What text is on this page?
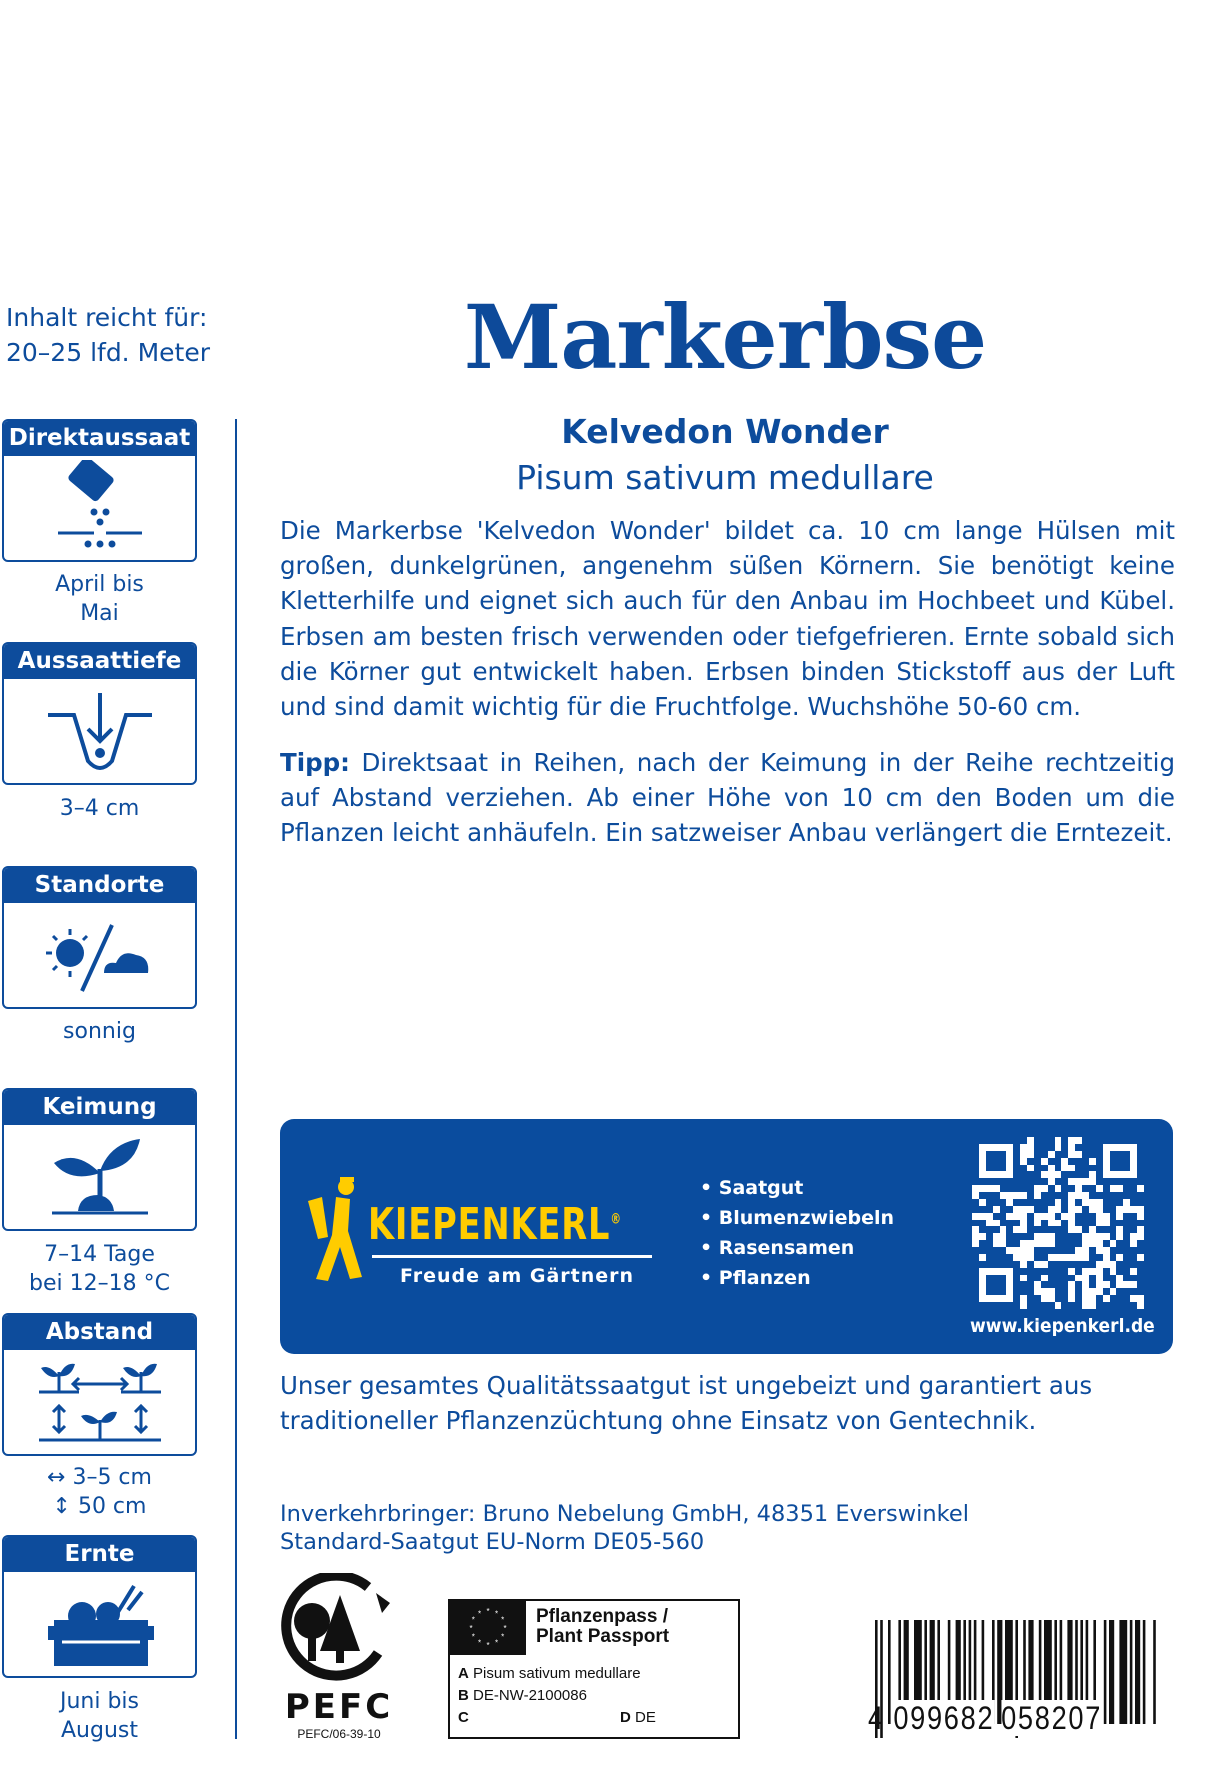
Inhalt reicht für:
20–25 lfd. Meter	Markerbse
Kelvedon Wonder
Pisum sativum medullare
Die Markerbse 'Kelvedon Wonder' bildet ca. 10 cm lange Hülsen mit großen, dunkelgrünen, angenehm süßen Körnern. Sie benötigt keine Kletterhilfe und eignet sich auch für den Anbau im Hochbeet und Kübel. Erbsen am besten frisch verwenden oder tiefgefrieren. Ernte sobald sich die Körner gut entwickelt haben. Erbsen binden Stickstoff aus der Luft und sind damit wichtig für die Fruchtfolge. Wuchshöhe 50-60 cm.
Tipp: Direktsaat in Reihen, nach der Keimung in der Reihe rechtzeitig auf Abstand verziehen. Ab einer Höhe von 10 cm den Boden um die Pflanzen leicht anhäufeln. Ein satzweiser Anbau verlängert die Erntezeit.
Direktaussaat
April bis
Mai
Aussaattiefe
3–4 cm
Standorte
sonnig
Keimung
7–14 Tage
bei 12–18 °C
Abstand
↔ 3–5 cm
↕ 50 cm
Ernte
Juni bis
August
KIEPENKERL®
Freude am Gärtnern
• Saatgut
• Blumenzwiebeln
• Rasensamen
• Pflanzen
www.kiepenkerl.de
Unser gesamtes Qualitätssaatgut ist ungebeizt und garantiert aus traditioneller Pflanzenzüchtung ohne Einsatz von Gentechnik.
Inverkehrbringer: Bruno Nebelung GmbH, 48351 Everswinkel
Standard-Saatgut EU-Norm DE05-560
PEFC
PEFC/06-39-10
*
*
*
*
*
*
*
*
* * *
* Pflanzenpass /
Plant Passport
A Pisum sativum medullare
B DE-NW-2100086
C	D DE	4 099682 058207
